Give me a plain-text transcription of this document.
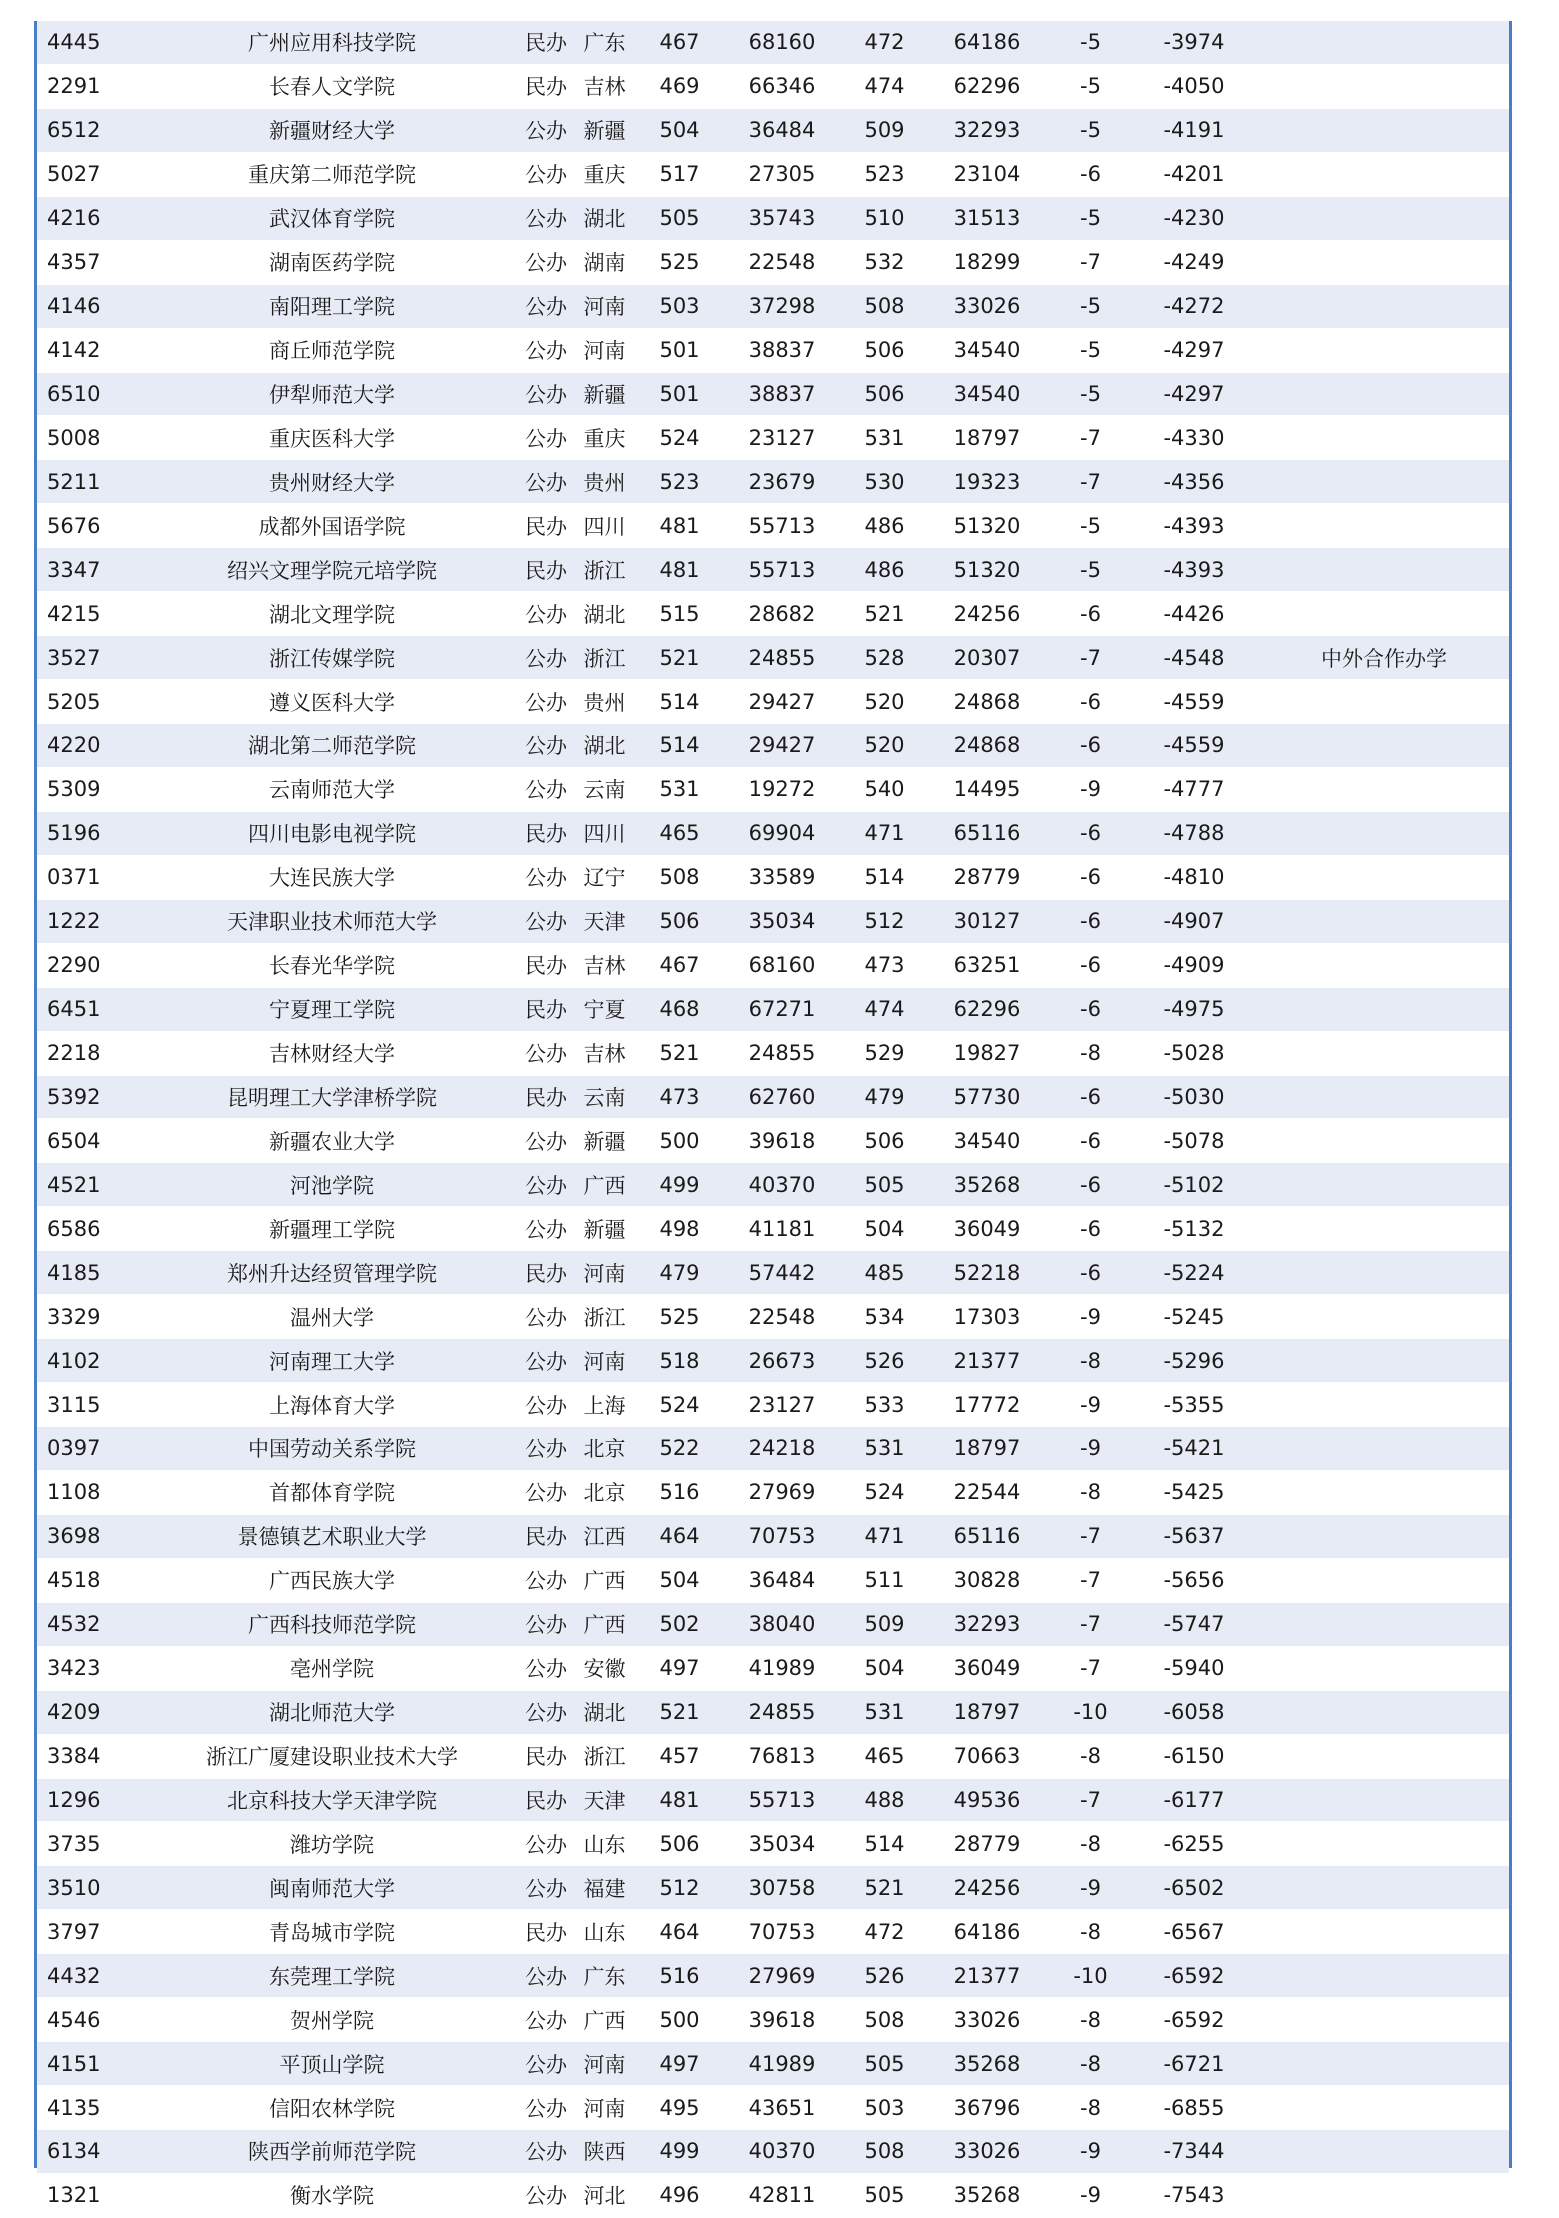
4445	广州应用科技学院	民办	广东	467	68160	472	64186	-5	-3974	
2291	长春人文学院	民办	吉林	469	66346	474	62296	-5	-4050	
6512	新疆财经大学	公办	新疆	504	36484	509	32293	-5	-4191	
5027	重庆第二师范学院	公办	重庆	517	27305	523	23104	-6	-4201	
4216	武汉体育学院	公办	湖北	505	35743	510	31513	-5	-4230	
4357	湖南医药学院	公办	湖南	525	22548	532	18299	-7	-4249	
4146	南阳理工学院	公办	河南	503	37298	508	33026	-5	-4272	
4142	商丘师范学院	公办	河南	501	38837	506	34540	-5	-4297	
6510	伊犁师范大学	公办	新疆	501	38837	506	34540	-5	-4297	
5008	重庆医科大学	公办	重庆	524	23127	531	18797	-7	-4330	
5211	贵州财经大学	公办	贵州	523	23679	530	19323	-7	-4356	
5676	成都外国语学院	民办	四川	481	55713	486	51320	-5	-4393	
3347	绍兴文理学院元培学院	民办	浙江	481	55713	486	51320	-5	-4393	
4215	湖北文理学院	公办	湖北	515	28682	521	24256	-6	-4426	
3527	浙江传媒学院	公办	浙江	521	24855	528	20307	-7	-4548	中外合作办学
5205	遵义医科大学	公办	贵州	514	29427	520	24868	-6	-4559	
4220	湖北第二师范学院	公办	湖北	514	29427	520	24868	-6	-4559	
5309	云南师范大学	公办	云南	531	19272	540	14495	-9	-4777	
5196	四川电影电视学院	民办	四川	465	69904	471	65116	-6	-4788	
0371	大连民族大学	公办	辽宁	508	33589	514	28779	-6	-4810	
1222	天津职业技术师范大学	公办	天津	506	35034	512	30127	-6	-4907	
2290	长春光华学院	民办	吉林	467	68160	473	63251	-6	-4909	
6451	宁夏理工学院	民办	宁夏	468	67271	474	62296	-6	-4975	
2218	吉林财经大学	公办	吉林	521	24855	529	19827	-8	-5028	
5392	昆明理工大学津桥学院	民办	云南	473	62760	479	57730	-6	-5030	
6504	新疆农业大学	公办	新疆	500	39618	506	34540	-6	-5078	
4521	河池学院	公办	广西	499	40370	505	35268	-6	-5102	
6586	新疆理工学院	公办	新疆	498	41181	504	36049	-6	-5132	
4185	郑州升达经贸管理学院	民办	河南	479	57442	485	52218	-6	-5224	
3329	温州大学	公办	浙江	525	22548	534	17303	-9	-5245	
4102	河南理工大学	公办	河南	518	26673	526	21377	-8	-5296	
3115	上海体育大学	公办	上海	524	23127	533	17772	-9	-5355	
0397	中国劳动关系学院	公办	北京	522	24218	531	18797	-9	-5421	
1108	首都体育学院	公办	北京	516	27969	524	22544	-8	-5425	
3698	景德镇艺术职业大学	民办	江西	464	70753	471	65116	-7	-5637	
4518	广西民族大学	公办	广西	504	36484	511	30828	-7	-5656	
4532	广西科技师范学院	公办	广西	502	38040	509	32293	-7	-5747	
3423	亳州学院	公办	安徽	497	41989	504	36049	-7	-5940	
4209	湖北师范大学	公办	湖北	521	24855	531	18797	-10	-6058	
3384	浙江广厦建设职业技术大学	民办	浙江	457	76813	465	70663	-8	-6150	
1296	北京科技大学天津学院	民办	天津	481	55713	488	49536	-7	-6177	
3735	潍坊学院	公办	山东	506	35034	514	28779	-8	-6255	
3510	闽南师范大学	公办	福建	512	30758	521	24256	-9	-6502	
3797	青岛城市学院	民办	山东	464	70753	472	64186	-8	-6567	
4432	东莞理工学院	公办	广东	516	27969	526	21377	-10	-6592	
4546	贺州学院	公办	广西	500	39618	508	33026	-8	-6592	
4151	平顶山学院	公办	河南	497	41989	505	35268	-8	-6721	
4135	信阳农林学院	公办	河南	495	43651	503	36796	-8	-6855	
6134	陕西学前师范学院	公办	陕西	499	40370	508	33026	-9	-7344	
1321	衡水学院	公办	河北	496	42811	505	35268	-9	-7543	
